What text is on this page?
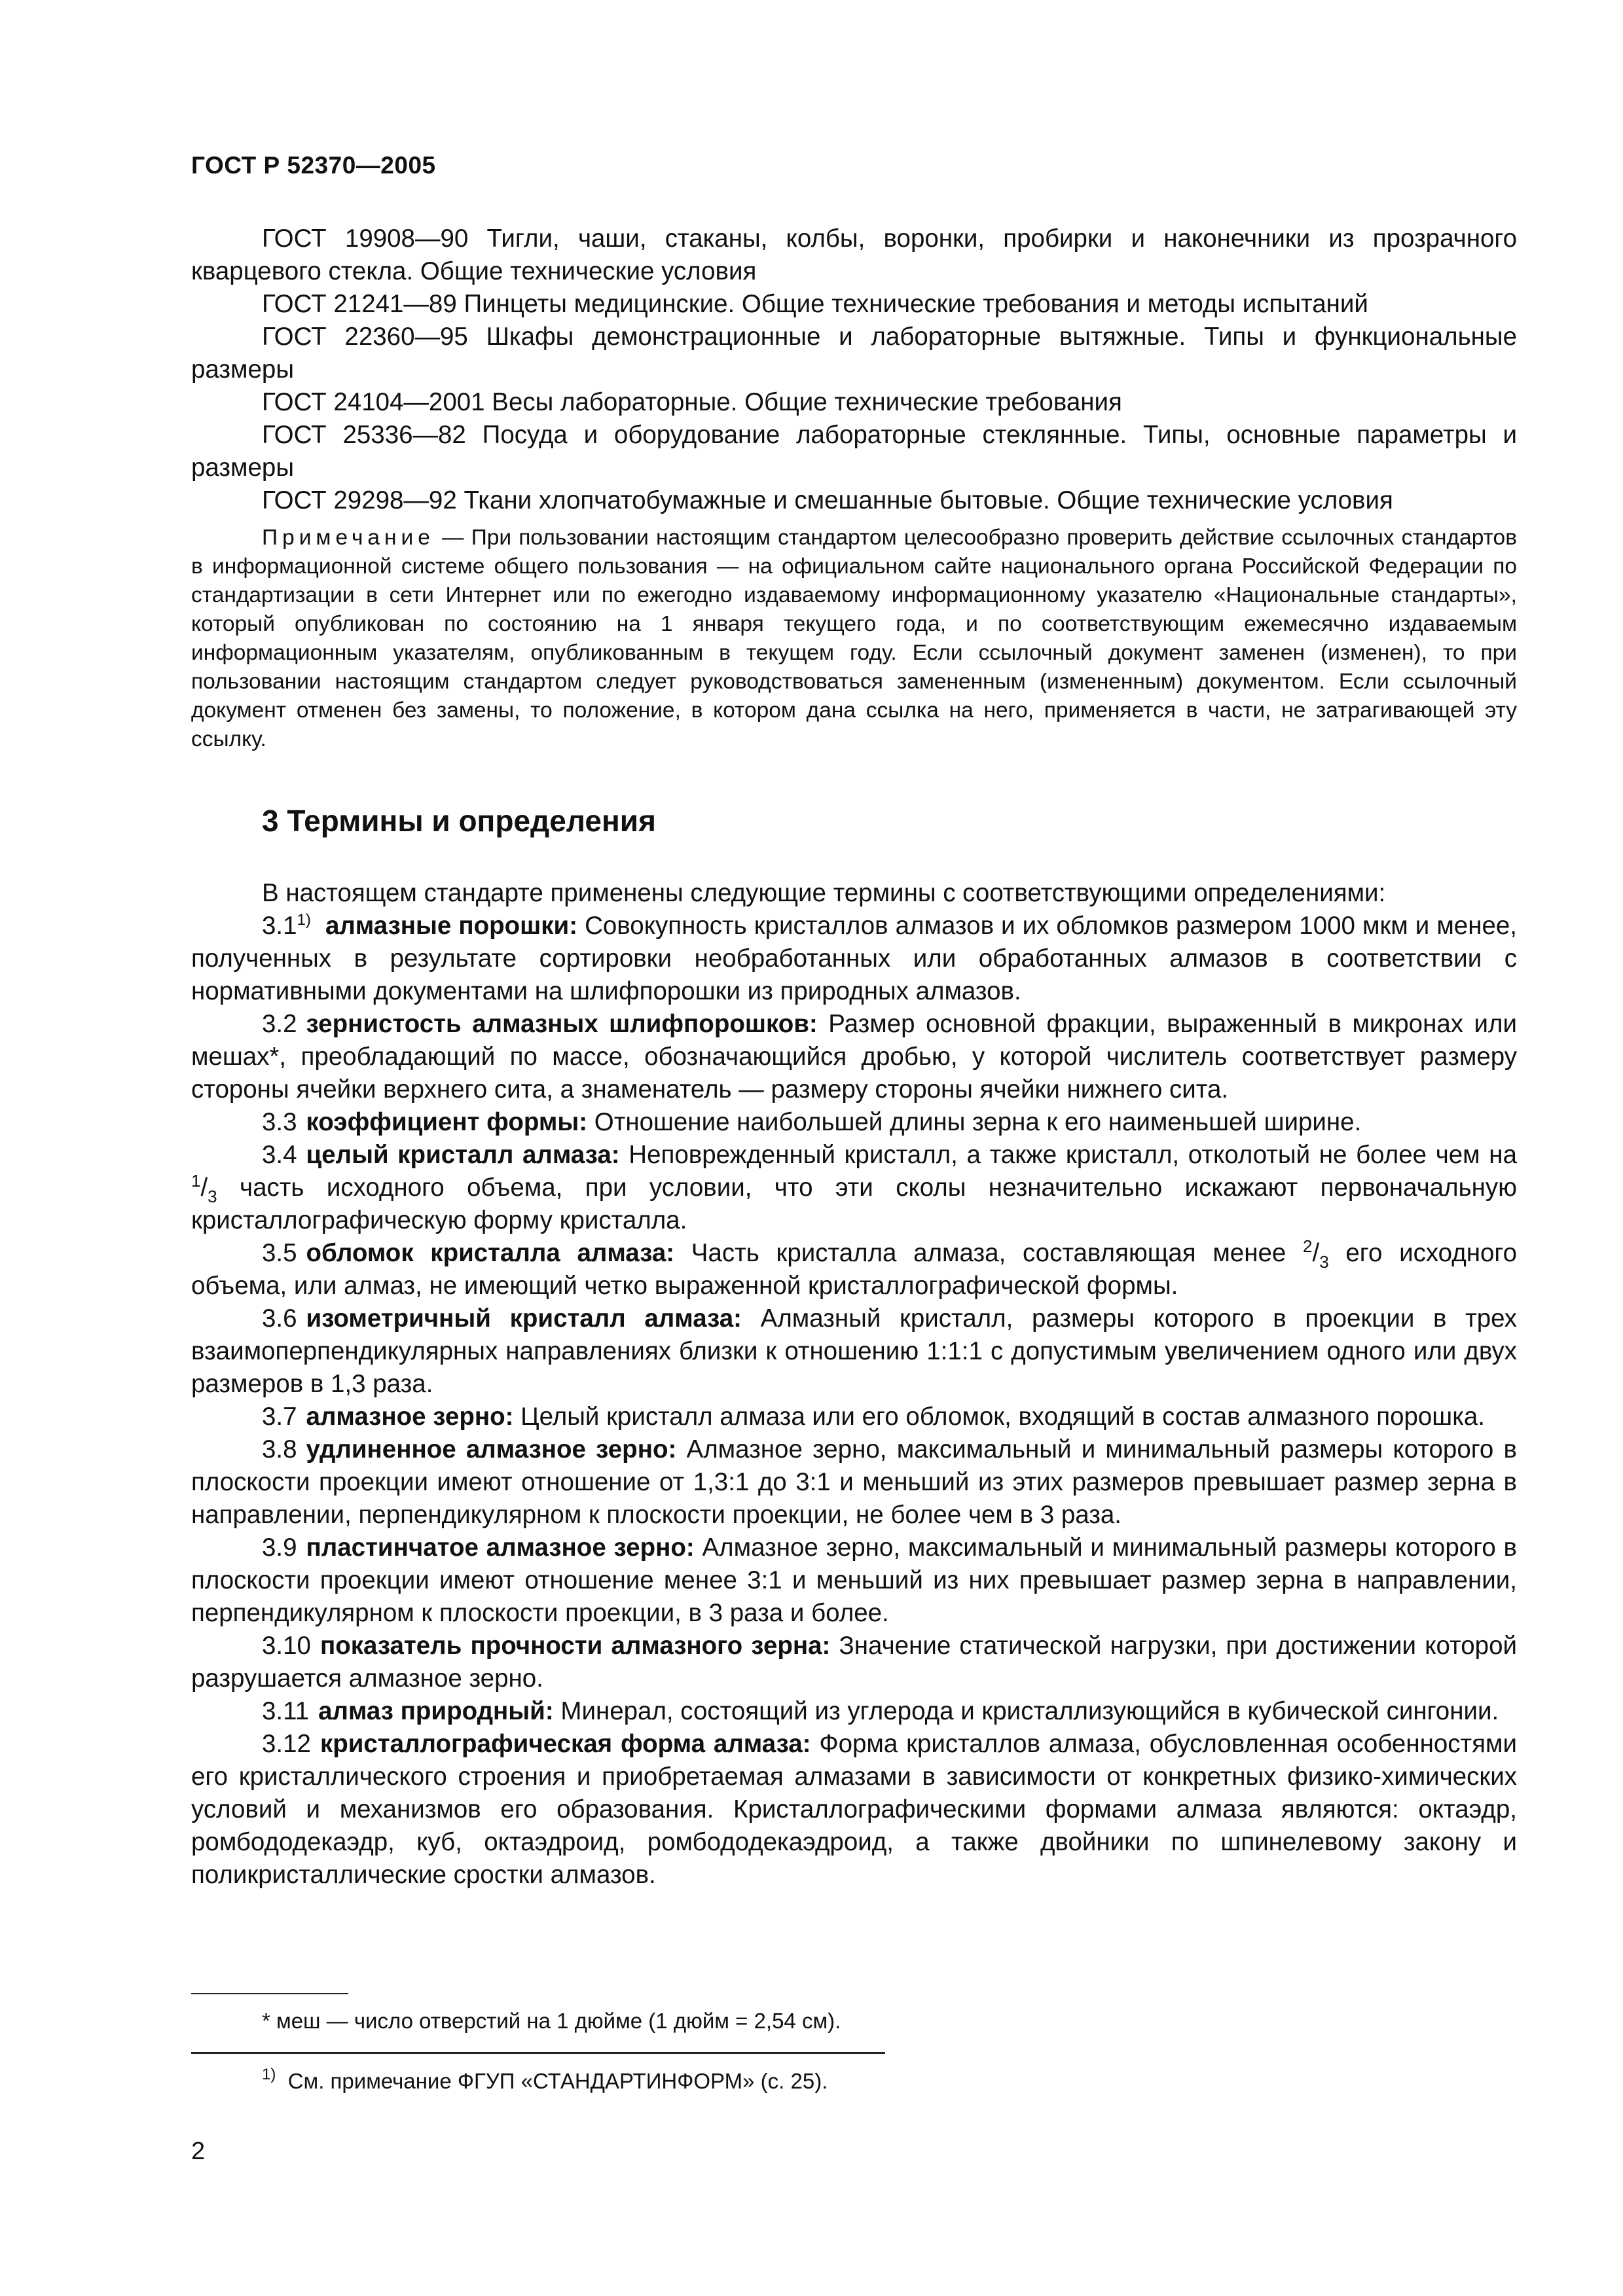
ГОСТ Р 52370—2005

ГОСТ 19908—90 Тигли, чаши, стаканы, колбы, воронки, пробирки и наконечники из прозрачного кварцевого стекла. Общие технические условия

ГОСТ 21241—89 Пинцеты медицинские. Общие технические требования и методы испытаний

ГОСТ 22360—95 Шкафы демонстрационные и лабораторные вытяжные. Типы и функциональные размеры

ГОСТ 24104—2001 Весы лабораторные. Общие технические требования

ГОСТ 25336—82 Посуда и оборудование лабораторные стеклянные. Типы, основные параметры и размеры

ГОСТ 29298—92 Ткани хлопчатобумажные и смешанные бытовые. Общие технические условия

Примечание — При пользовании настоящим стандартом целесообразно проверить действие ссылочных стандартов в информационной системе общего пользования — на официальном сайте национального органа Российской Федерации по стандартизации в сети Интернет или по ежегодно издаваемому информационному указателю «Национальные стандарты», который опубликован по состоянию на 1 января текущего года, и по соответствующим ежемесячно издаваемым информационным указателям, опубликованным в текущем году. Если ссылочный документ заменен (изменен), то при пользовании настоящим стандартом следует руководствоваться замененным (измененным) документом. Если ссылочный документ отменен без замены, то положение, в котором дана ссылка на него, применяется в части, не затрагивающей эту ссылку.

3 Термины и определения

В настоящем стандарте применены следующие термины с соответствующими определениями:

3.1$^{1)}$ алмазные порошки: Совокупность кристаллов алмазов и их обломков размером 1000 мкм и менее, полученных в результате сортировки необработанных или обработанных алмазов в соответствии с нормативными документами на шлифпорошки из природных алмазов.

3.2 зернистость алмазных шлифпорошков: Размер основной фракции, выраженный в микронах или мешах*, преобладающий по массе, обозначающийся дробью, у которой числитель соответствует размеру стороны ячейки верхнего сита, а знаменатель — размеру стороны ячейки нижнего сита.

3.3 коэффициент формы: Отношение наибольшей длины зерна к его наименьшей ширине.

3.4 целый кристалл алмаза: Неповрежденный кристалл, а также кристалл, отколотый не более чем на $^1/_3$ часть исходного объема, при условии, что эти сколы незначительно искажают первоначальную кристаллографическую форму кристалла.

3.5 обломок кристалла алмаза: Часть кристалла алмаза, составляющая менее $^2/_3$ его исходного объема, или алмаз, не имеющий четко выраженной кристаллографической формы.

3.6 изометричный кристалл алмаза: Алмазный кристалл, размеры которого в проекции в трех взаимоперпендикулярных направлениях близки к отношению 1:1:1 с допустимым увеличением одного или двух размеров в 1,3 раза.

3.7 алмазное зерно: Целый кристалл алмаза или его обломок, входящий в состав алмазного порошка.

3.8 удлиненное алмазное зерно: Алмазное зерно, максимальный и минимальный размеры которого в плоскости проекции имеют отношение от 1,3:1 до 3:1 и меньший из этих размеров превышает размер зерна в направлении, перпендикулярном к плоскости проекции, не более чем в 3 раза.

3.9 пластинчатое алмазное зерно: Алмазное зерно, максимальный и минимальный размеры которого в плоскости проекции имеют отношение менее 3:1 и меньший из них превышает размер зерна в направлении, перпендикулярном к плоскости проекции, в 3 раза и более.

3.10 показатель прочности алмазного зерна: Значение статической нагрузки, при достижении которой разрушается алмазное зерно.

3.11 алмаз природный: Минерал, состоящий из углерода и кристаллизующийся в кубической сингонии.

3.12 кристаллографическая форма алмаза: Форма кристаллов алмаза, обусловленная особенностями его кристаллического строения и приобретаемая алмазами в зависимости от конкретных физико-химических условий и механизмов его образования. Кристаллографическими формами алмаза являются: октаэдр, ромбододекаэдр, куб, октаэдроид, ромбододекаэдроид, а также двойники по шпинелевому закону и поликристаллические сростки алмазов.

* меш — число отверстий на 1 дюйме (1 дюйм = 2,54 см).
$^{1)}$ См. примечание ФГУП «СТАНДАРТИНФОРМ» (с. 25).
2
